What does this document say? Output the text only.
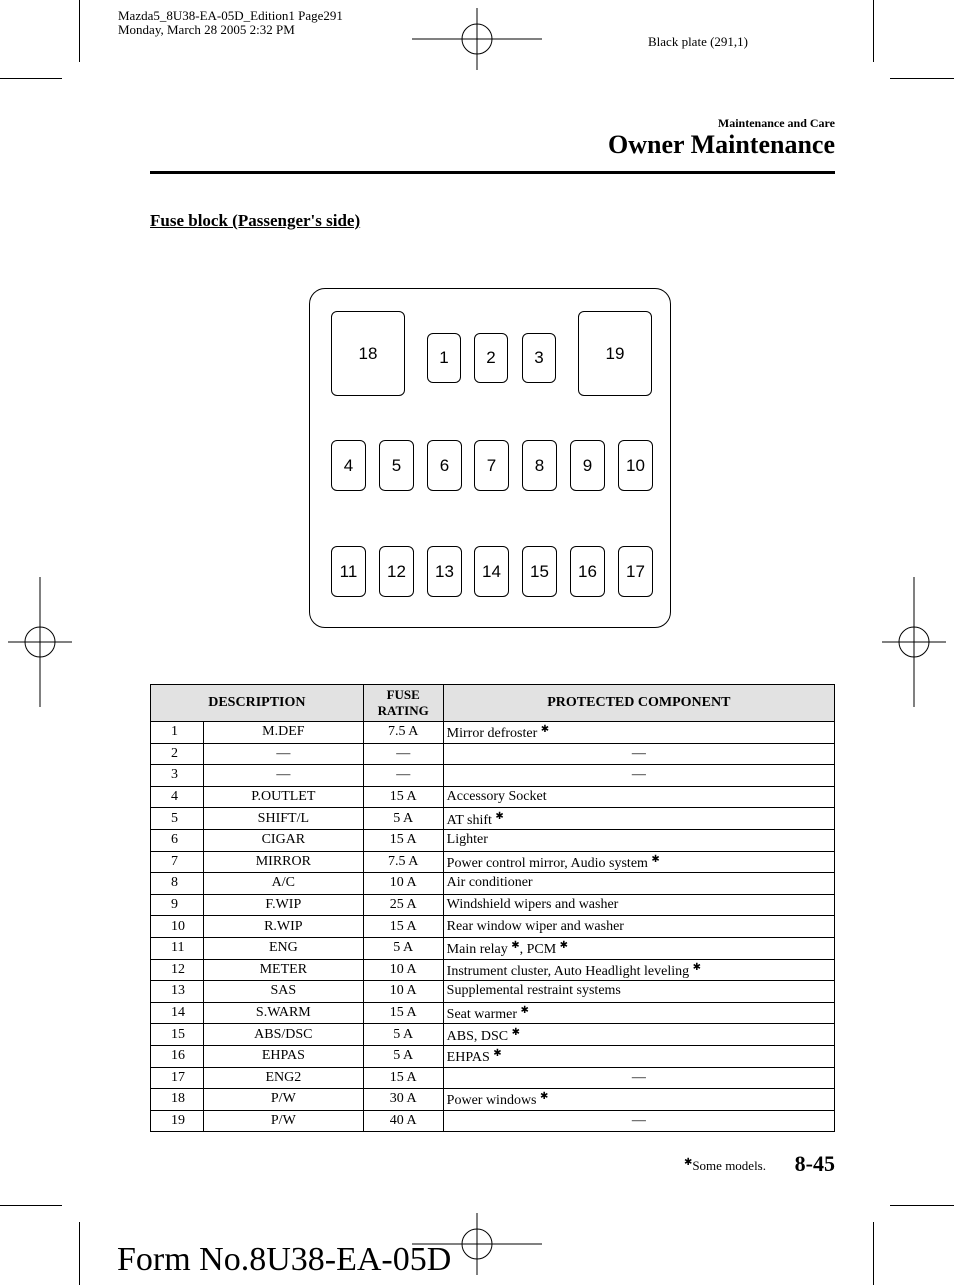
Mazda5_8U38-EA-05D_Edition1 Page291
Monday, March 28 2005 2:32 PM
Black plate (291,1)
Maintenance and Care
Owner Maintenance
Fuse block (Passenger's side)
18	1	2	3	19
4	5	6	7	8	9	10
11	12	13	14	15	16	17
DESCRIPTION		FUSE
RATING	PROTECTED COMPONENT
1	M.DEF	7.5 A	Mirror defroster ✱
2	—	—	—
3	—	—	—
4	P.OUTLET	15 A	Accessory Socket
5	SHIFT/L	5 A	AT shift ✱
6	CIGAR	15 A	Lighter
7	MIRROR	7.5 A	Power control mirror, Audio system ✱
8	A/C	10 A	Air conditioner
9	F.WIP	25 A	Windshield wipers and washer
10	R.WIP	15 A	Rear window wiper and washer
11	ENG	5 A	Main relay ✱, PCM ✱
12	METER	10 A	Instrument cluster, Auto Headlight leveling ✱
13	SAS	10 A	Supplemental restraint systems
14	S.WARM	15 A	Seat warmer ✱
15	ABS/DSC	5 A	ABS, DSC ✱
16	EHPAS	5 A	EHPAS ✱
17	ENG2	15 A	—
18	P/W	30 A	Power windows ✱
19	P/W	40 A	—
✱Some models. 8-45
Form No.8U38-EA-05D
